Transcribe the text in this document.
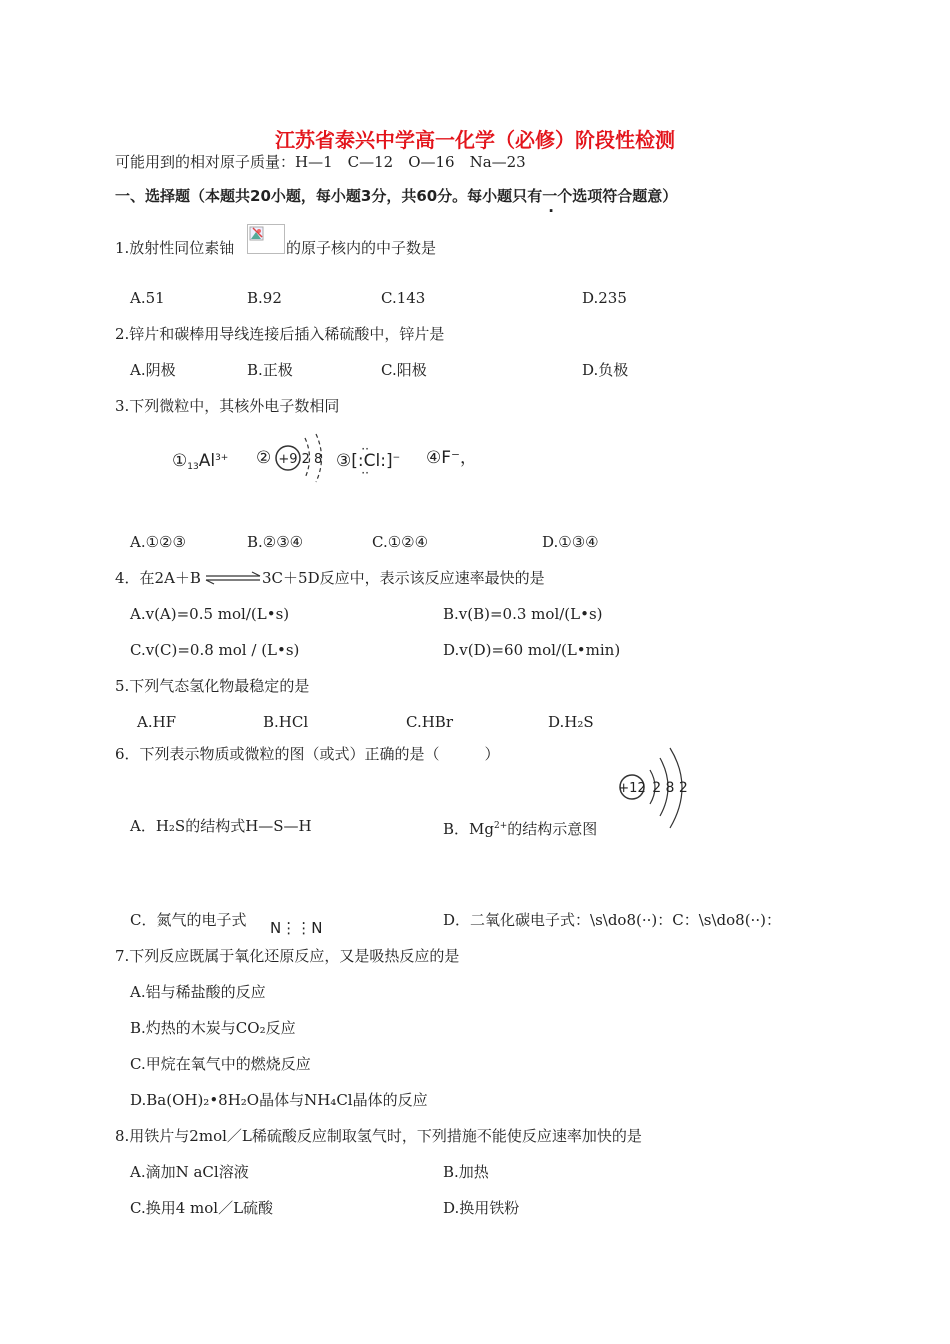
江苏省泰兴中学高一化学（必修）阶段性检测
可能用到的相对原子质量：H—1　C—12　O—16　Na—23
一、选择题（本题共20小题，每小题3分，共60分。每小题只有一个选项符合题意）
1.放射性同位素铀	的原子核内的中子数是
A.51	B.92	C.143	D.235
2.锌片和碳棒用导线连接后插入稀硫酸中，锌片是
A.阴极	B.正极	C.阳极	D.负极
3.下列微粒中，其核外电子数相同
$①_{13}Al^{3+}$ ② +9 2 8 ③[:Cl:]
··
··
− ④F⁻，
A.①②③	B.②③④	C.①②④	D.①③④
4．在2A＋B ⇌ 3C＋5D反应中，表示该反应速率最快的是
A.v(A)=0.5 mol/(L•s)	B.v(B)=0.3 mol/(L•s)
C.v(C)=0.8 mol / (L•s)	D.v(D)=60 mol/(L•min)
5.下列气态氢化物最稳定的是
A.HF	B.HCl	C.HBr	D.H₂S
6．下列表示物质或微粒的图（或式）正确的是（　　　）
+12 2 8 2
A．H₂S的结构式H—S—H	B．$Mg^{2+}$的结构示意图
C．氮气的电子式 N⋮⋮N	D．二氧化碳电子式：\s\do8(··)：C：\s\do8(··)：
7.下列反应既属于氧化还原反应，又是吸热反应的是
A.铝与稀盐酸的反应
B.灼热的木炭与CO₂反应
C.甲烷在氧气中的燃烧反应
D.Ba(OH)₂•8H₂O晶体与NH₄Cl晶体的反应
8.用铁片与2mol／L稀硫酸反应制取氢气时，下列措施不能使反应速率加快的是
A.滴加N aCl溶液	B.加热
C.换用4 mol／L硫酸	D.换用铁粉
